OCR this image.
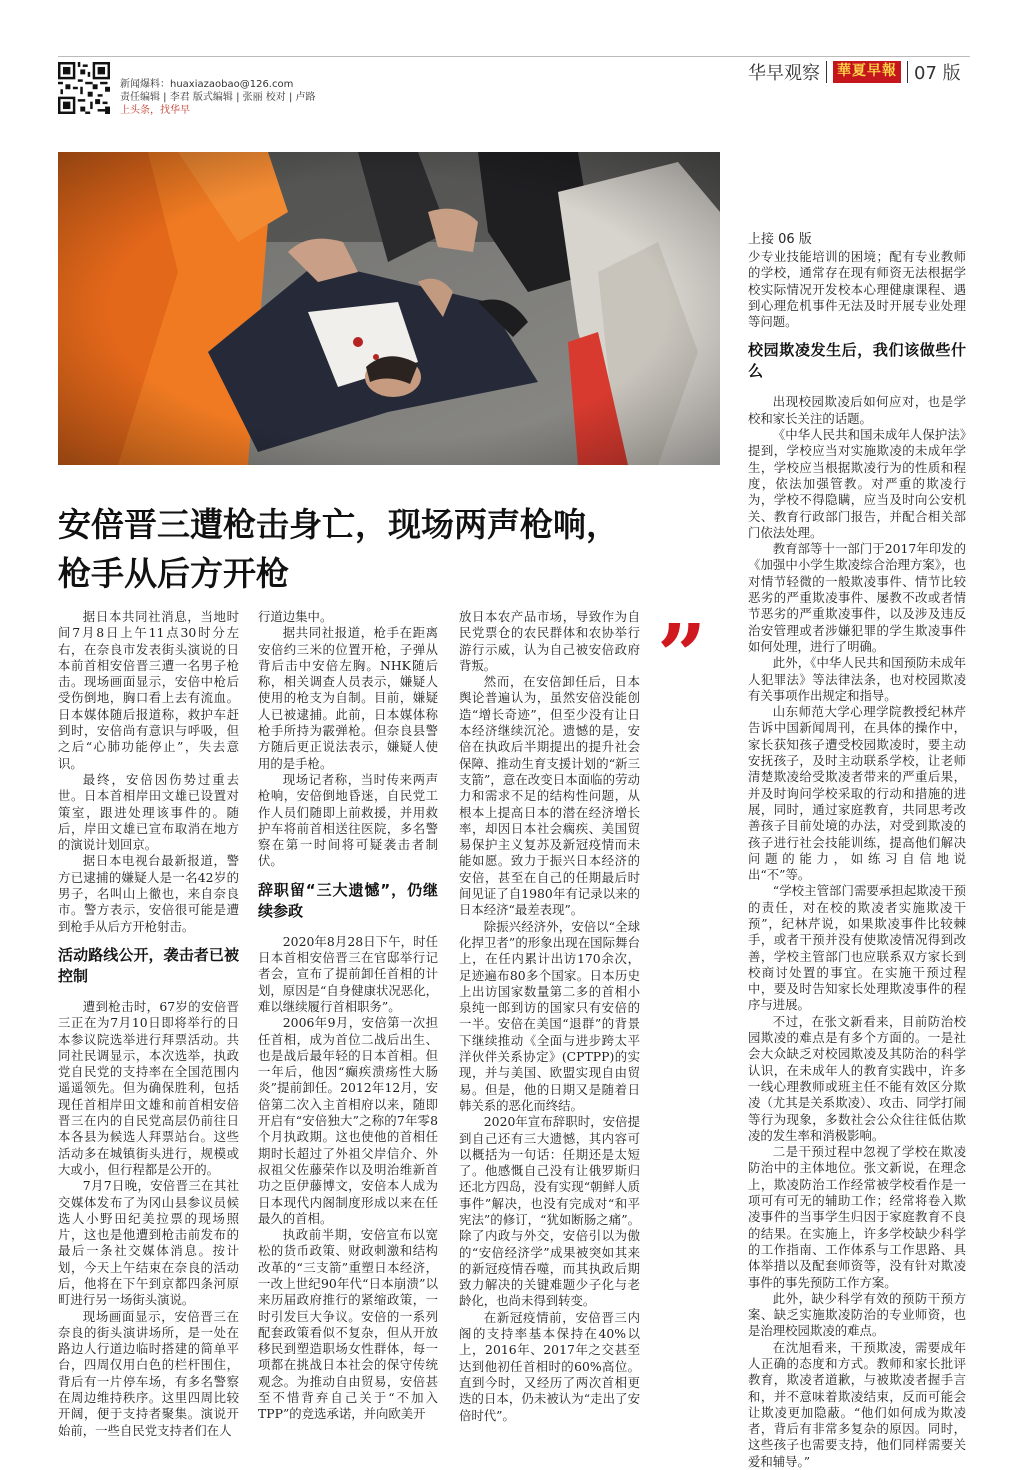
新闻爆料：huaxiazaobao@126.com
责任编辑 | 李君 版式编辑 | 张丽 校对 | 卢路
上头条，找华早
华早观察 華夏早報 07 版
安倍晋三遭枪击身亡，现场两声枪响，
枪手从后方开枪

据日本共同社消息，当地时间7月8日上午11点30时分左右，在奈良市发表街头演说的日本前首相安倍晋三遭一名男子枪击。现场画面显示，安倍中枪后受伤倒地，胸口看上去有流血。日本媒体随后报道称，救护车赶到时，安倍尚有意识与呼吸，但之后“心肺功能停止”，失去意识。

最终，安倍因伤势过重去世。日本首相岸田文雄已设置对策室，跟进处理该事件的。随后，岸田文雄已宣布取消在地方的演说计划回京。

据日本电视台最新报道，警方已逮捕的嫌疑人是一名42岁的男子，名叫山上徹也，来自奈良市。警方表示，安倍很可能是遭到枪手从后方开枪射击。

活动路线公开，袭击者已被控制

遭到枪击时，67岁的安倍晋三正在为7月10日即将举行的日本参议院选举进行拜票活动。共同社民调显示，本次选举，执政党自民党的支持率在全国范围内遥遥领先。但为确保胜利，包括现任首相岸田文雄和前首相安倍晋三在内的自民党高层仍前往日本各县为候选人拜票站台。这些活动多在城镇街头进行，规模或大或小，但行程都是公开的。

7月7日晚，安倍晋三在其社交媒体发布了为冈山县参议员候选人小野田纪美拉票的现场照片，这也是他遭到枪击前发布的最后一条社交媒体消息。按计划，今天上午结束在奈良的活动后，他将在下午到京都四条河原町进行另一场街头演说。

现场画面显示，安倍晋三在奈良的街头演讲场所，是一处在路边人行道边临时搭建的简单平台，四周仅用白色的栏杆围住，背后有一片停车场，有多名警察在周边维持秩序。这里四周比较开阔，便于支持者聚集。演说开始前，一些自民党支持者们在人

行道边集中。

据共同社报道，枪手在距离安倍约三米的位置开枪，子弹从背后击中安倍左胸。NHK随后称，相关调查人员表示，嫌疑人使用的枪支为自制。目前，嫌疑人已被逮捕。此前，日本媒体称枪手所持为霰弹枪。但奈良县警方随后更正说法表示，嫌疑人使用的是手枪。

现场记者称，当时传来两声枪响，安倍倒地昏迷，自民党工作人员们随即上前救援，并用救护车将前首相送往医院，多名警察在第一时间将可疑袭击者制伏。

辞职留“三大遗憾”，仍继续参政

2020年8月28日下午，时任日本首相安倍晋三在官邸举行记者会，宣布了提前卸任首相的计划，原因是“自身健康状况恶化，难以继续履行首相职务”。

2006年9月，安倍第一次担任首相，成为首位二战后出生、也是战后最年轻的日本首相。但一年后，他因“癫疾溃疡性大肠炎”提前卸任。2012年12月，安倍第二次入主首相府以来，随即开启有“安倍独大”之称的7年零8个月执政期。这也使他的首相任期时长超过了外祖父岸信介、外叔祖父佐藤荣作以及明治维新首功之臣伊藤博文，安倍本人成为日本现代内阁制度形成以来在任最久的首相。

执政前半期，安倍宣布以宽松的货币政策、财政刺激和结构改革的“三支箭”重塑日本经济，一改上世纪90年代“日本崩溃”以来历届政府推行的紧缩政策，一时引发巨大争议。安倍的一系列配套政策看似不复杂，但从开放移民到塑造职场女性群体，每一项都在挑战日本社会的保守传统观念。为推动自由贸易，安倍甚至不惜背弃自己关于“不加入TPP”的竞选承诺，并向欧美开

放日本农产品市场，导致作为自民党票仓的农民群体和农协举行游行示威，认为自己被安倍政府背叛。

然而，在安倍卸任后，日本舆论普遍认为，虽然安倍没能创造“增长奇迹”，但至少没有让日本经济继续沉沦。遗憾的是，安倍在执政后半期提出的提升社会保障、推动生育支援计划的“新三支箭”，意在改变日本面临的劳动力和需求不足的结构性问题，从根本上提高日本的潜在经济增长率，却因日本社会瘸疾、美国贸易保护主义复苏及新冠疫情而未能如愿。致力于振兴日本经济的安倍，甚至在自己的任期最后时间见证了自1980年有记录以来的日本经济“最差表现”。

除振兴经济外，安倍以“全球化捍卫者”的形象出现在国际舞台上，在任内累计出访170余次，足迹遍布80多个国家。日本历史上出访国家数量第二多的首相小泉纯一郎到访的国家只有安倍的一半。安倍在美国“退群”的背景下继续推动《全面与进步跨太平洋伙伴关系协定》(CPTPP)的实现，并与美国、欧盟实现自由贸易。但是，他的日期又是随着日韩关系的恶化而终结。

2020年宣布辞职时，安倍提到自己还有三大遗憾，其内容可以概括为一句话：任期还是太短了。他感慨自己没有让俄罗斯归还北方四岛，没有实现“朝鲜人质事件”解决，也没有完成对“和平宪法”的修订，“犹如断肠之痛”。除了内政与外交，安倍引以为傲的“安倍经济学”成果被突如其来的新冠疫情吞噬，而其执政后期致力解决的关键难题少子化与老龄化，也尚未得到转变。

在新冠疫情前，安倍晋三内阁的支持率基本保持在40%以上，2016年、2017年之交甚至达到他初任首相时的60%高位。直到今时，又经历了两次首相更迭的日本，仍未被认为“走出了安倍时代”。

”

上接 06 版

少专业技能培训的困境；配有专业教师的学校，通常存在现有师资无法根据学校实际情况开发校本心理健康课程、遇到心理危机事件无法及时开展专业处理等问题。

校园欺凌发生后，我们该做些什么

出现校园欺凌后如何应对，也是学校和家长关注的话题。

《中华人民共和国未成年人保护法》提到，学校应当对实施欺凌的未成年学生，学校应当根据欺凌行为的性质和程度，依法加强管教。对严重的欺凌行为，学校不得隐瞒，应当及时向公安机关、教育行政部门报告，并配合相关部门依法处理。

教育部等十一部门于2017年印发的《加强中小学生欺凌综合治理方案》，也对情节轻微的一般欺凌事件、情节比较恶劣的严重欺凌事件、屡教不改或者情节恶劣的严重欺凌事件，以及涉及违反治安管理或者涉嫌犯罪的学生欺凌事件如何处理，进行了明确。

此外，《中华人民共和国预防未成年人犯罪法》等法律法条，也对校园欺凌有关事项作出规定和指导。

山东师范大学心理学院教授纪林芹告诉中国新闻周刊，在具体的操作中，家长获知孩子遭受校园欺凌时，要主动安抚孩子，及时主动联系学校，让老师清楚欺凌给受欺凌者带来的严重后果，并及时询问学校采取的行动和措施的进展，同时，通过家庭教育，共同思考改善孩子目前处境的办法，对受到欺凌的孩子进行社会技能训练，提高他们解决问题的能力，如练习自信地说出“不”等。

“学校主管部门需要承担起欺凌干预的责任，对在校的欺凌者实施欺凌干预”，纪林芹说，如果欺凌事件比较棘手，或者干预并没有使欺凌情况得到改善，学校主管部门也应联系双方家长到校商讨处置的事宜。在实施干预过程中，要及时告知家长处理欺凌事件的程序与进展。

不过，在张文新看来，目前防治校园欺凌的难点是有多个方面的。一是社会大众缺乏对校园欺凌及其防治的科学认识，在未成年人的教育实践中，许多一线心理教师或班主任不能有效区分欺凌（尤其是关系欺凌）、攻击、同学打闹等行为现象，多数社会公众往往低估欺凌的发生率和消极影响。

二是干预过程中忽视了学校在欺凌防治中的主体地位。张文新说，在理念上，欺凌防治工作经常被学校看作是一项可有可无的辅助工作；经常将卷入欺凌事件的当事学生归因于家庭教育不良的结果。在实施上，许多学校缺少科学的工作指南、工作体系与工作思路、具体举措以及配套师资等，没有针对欺凌事件的事先预防工作方案。

此外，缺少科学有效的预防干预方案、缺乏实施欺凌防治的专业师资，也是治理校园欺凌的难点。

在沈旭看来，干预欺凌，需要成年人正确的态度和方式。教师和家长批评教育，欺凌者道歉，与被欺凌者握手言和，并不意味着欺凌结束，反而可能会让欺凌更加隐蔽。“他们如何成为欺凌者，背后有非常多复杂的原因。同时，这些孩子也需要支持，他们同样需要关爱和辅导。”
